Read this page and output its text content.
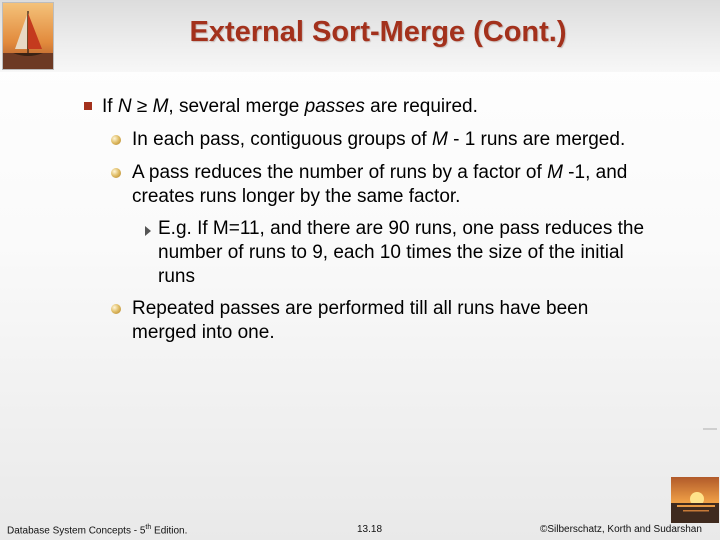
External Sort-Merge (Cont.)
If N ≥ M, several merge passes are required.
In each pass, contiguous groups of M - 1 runs are merged.
A pass reduces the number of runs by a factor of M -1, and creates runs longer by the same factor.
E.g. If M=11, and there are 90 runs, one pass reduces the number of runs to 9, each 10 times the size of the initial runs
Repeated passes are performed till all runs have been merged into one.
Database System Concepts - 5th Edition.	13.18	©Silberschatz, Korth and Sudarshan
